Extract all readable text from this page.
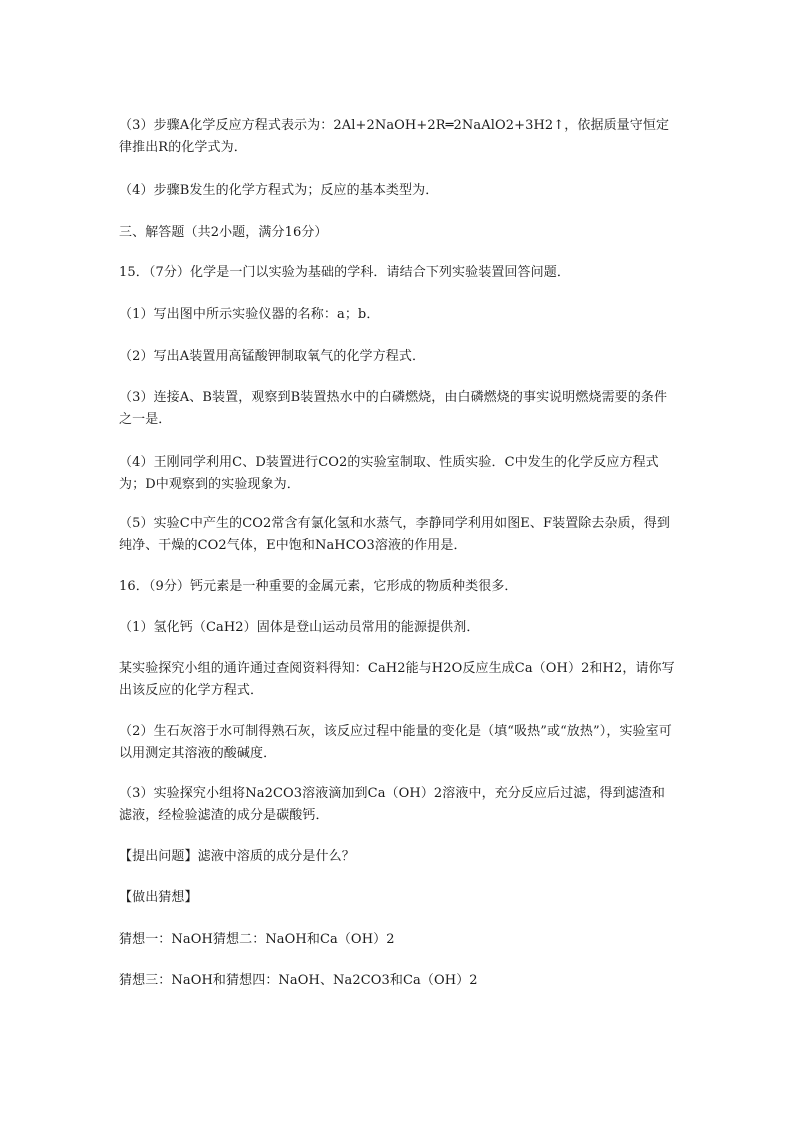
（3）步骤A化学反应方程式表示为：2Al+2NaOH+2R═2NaAlO2+3H2↑，依据质量守恒定律推出R的化学式为．

（4）步骤B发生的化学方程式为；反应的基本类型为．

三、解答题（共2小题，满分16分）

15．（7分）化学是一门以实验为基础的学科．请结合下列实验装置回答问题．

（1）写出图中所示实验仪器的名称：a；b．

（2）写出A装置用高锰酸钾制取氧气的化学方程式．

（3）连接A、B装置，观察到B装置热水中的白磷燃烧，由白磷燃烧的事实说明燃烧需要的条件之一是．

（4）王刚同学利用C、D装置进行CO2的实验室制取、性质实验．C中发生的化学反应方程式为；D中观察到的实验现象为．

（5）实验C中产生的CO2常含有氯化氢和水蒸气，李静同学利用如图E、F装置除去杂质，得到纯净、干燥的CO2气体，E中饱和NaHCO3溶液的作用是．

16．（9分）钙元素是一种重要的金属元素，它形成的物质种类很多．

（1）氢化钙（CaH2）固体是登山运动员常用的能源提供剂．

某实验探究小组的通许通过查阅资料得知：CaH2能与H2O反应生成Ca（OH）2和H2，请你写出该反应的化学方程式．

（2）生石灰溶于水可制得熟石灰，该反应过程中能量的变化是（填“吸热”或“放热”），实验室可以用测定其溶液的酸碱度．

（3）实验探究小组将Na2CO3溶液滴加到Ca（OH）2溶液中，充分反应后过滤，得到滤渣和滤液，经检验滤渣的成分是碳酸钙．

【提出问题】滤液中溶质的成分是什么？

【做出猜想】

猜想一：NaOH猜想二：NaOH和Ca（OH）2

猜想三：NaOH和猜想四：NaOH、Na2CO3和Ca（OH）2
